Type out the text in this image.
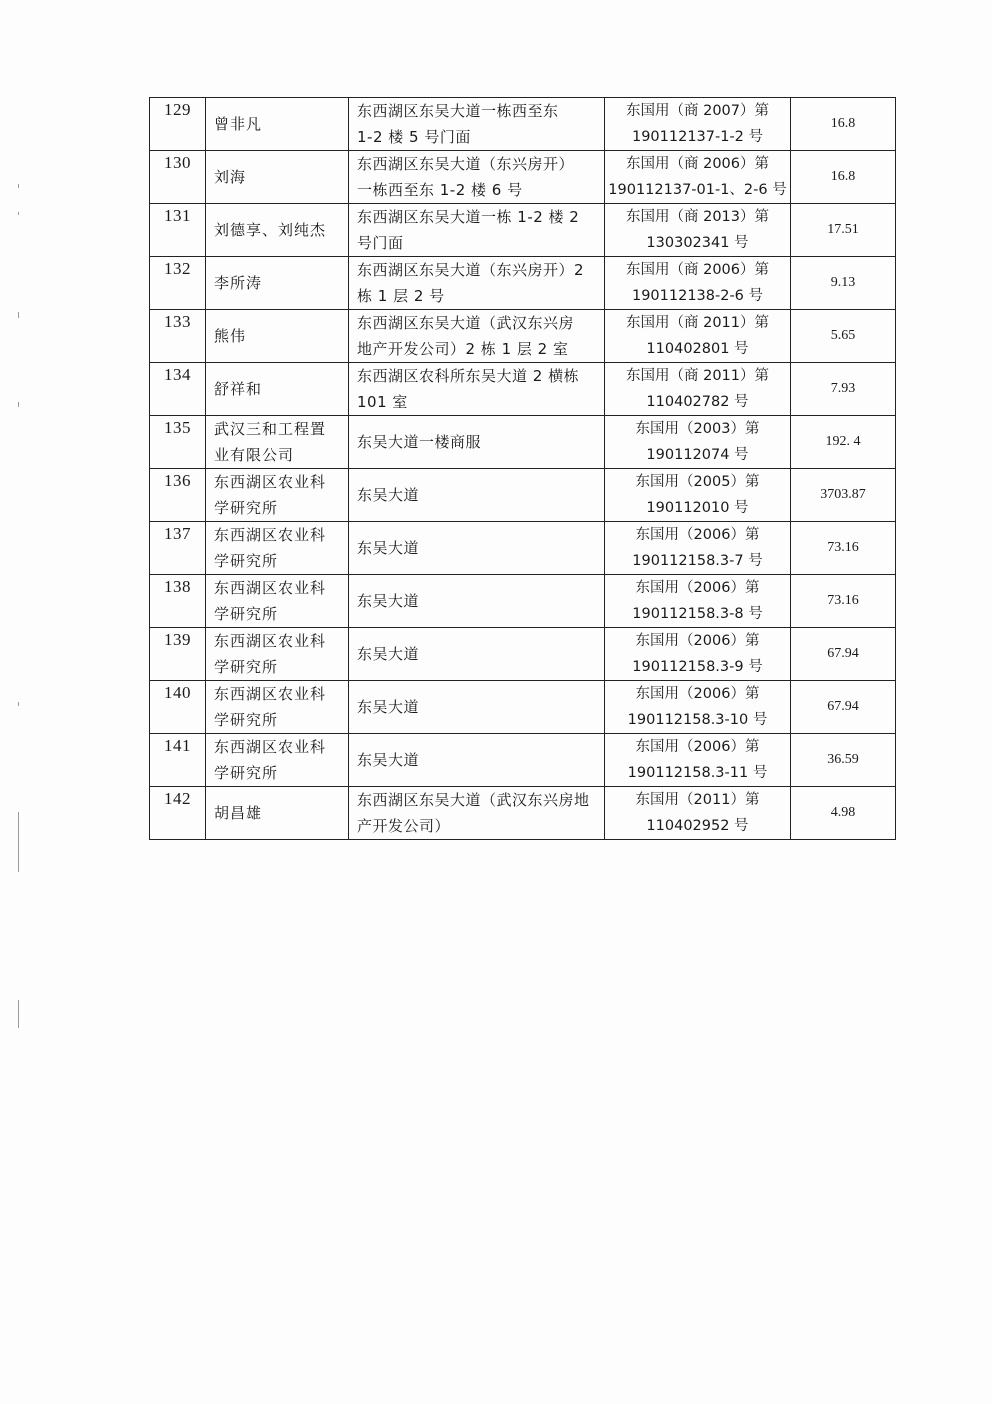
129	曾非凡	东西湖区东吴大道一栋西至东
1-2 楼 5 号门面	东国用（商 2007）第
190112137-1-2 号	16.8
130	刘海	东西湖区东吴大道（东兴房开）
一栋西至东 1-2 楼 6 号	东国用（商 2006）第
190112137-01-1、2-6 号	16.8
131	刘德享、刘纯杰	东西湖区东吴大道一栋 1-2 楼 2
号门面	东国用（商 2013）第
130302341 号	17.51
132	李所涛	东西湖区东吴大道（东兴房开）2
栋 1 层 2 号	东国用（商 2006）第
190112138-2-6 号	9.13
133	熊伟	东西湖区东吴大道（武汉东兴房
地产开发公司）2 栋 1 层 2 室	东国用（商 2011）第
110402801 号	5.65
134	舒祥和	东西湖区农科所东吴大道 2 横栋
101 室	东国用（商 2011）第
110402782 号	7.93
135	武汉三和工程置
业有限公司	东吴大道一楼商服	东国用（2003）第
190112074 号	192. 4
136	东西湖区农业科
学研究所	东吴大道	东国用（2005）第
190112010 号	3703.87
137	东西湖区农业科
学研究所	东吴大道	东国用（2006）第
190112158.3-7 号	73.16
138	东西湖区农业科
学研究所	东吴大道	东国用（2006）第
190112158.3-8 号	73.16
139	东西湖区农业科
学研究所	东吴大道	东国用（2006）第
190112158.3-9 号	67.94
140	东西湖区农业科
学研究所	东吴大道	东国用（2006）第
190112158.3-10 号	67.94
141	东西湖区农业科
学研究所	东吴大道	东国用（2006）第
190112158.3-11 号	36.59
142	胡昌雄	东西湖区东吴大道（武汉东兴房地
产开发公司）	东国用（2011）第
110402952 号	4.98
